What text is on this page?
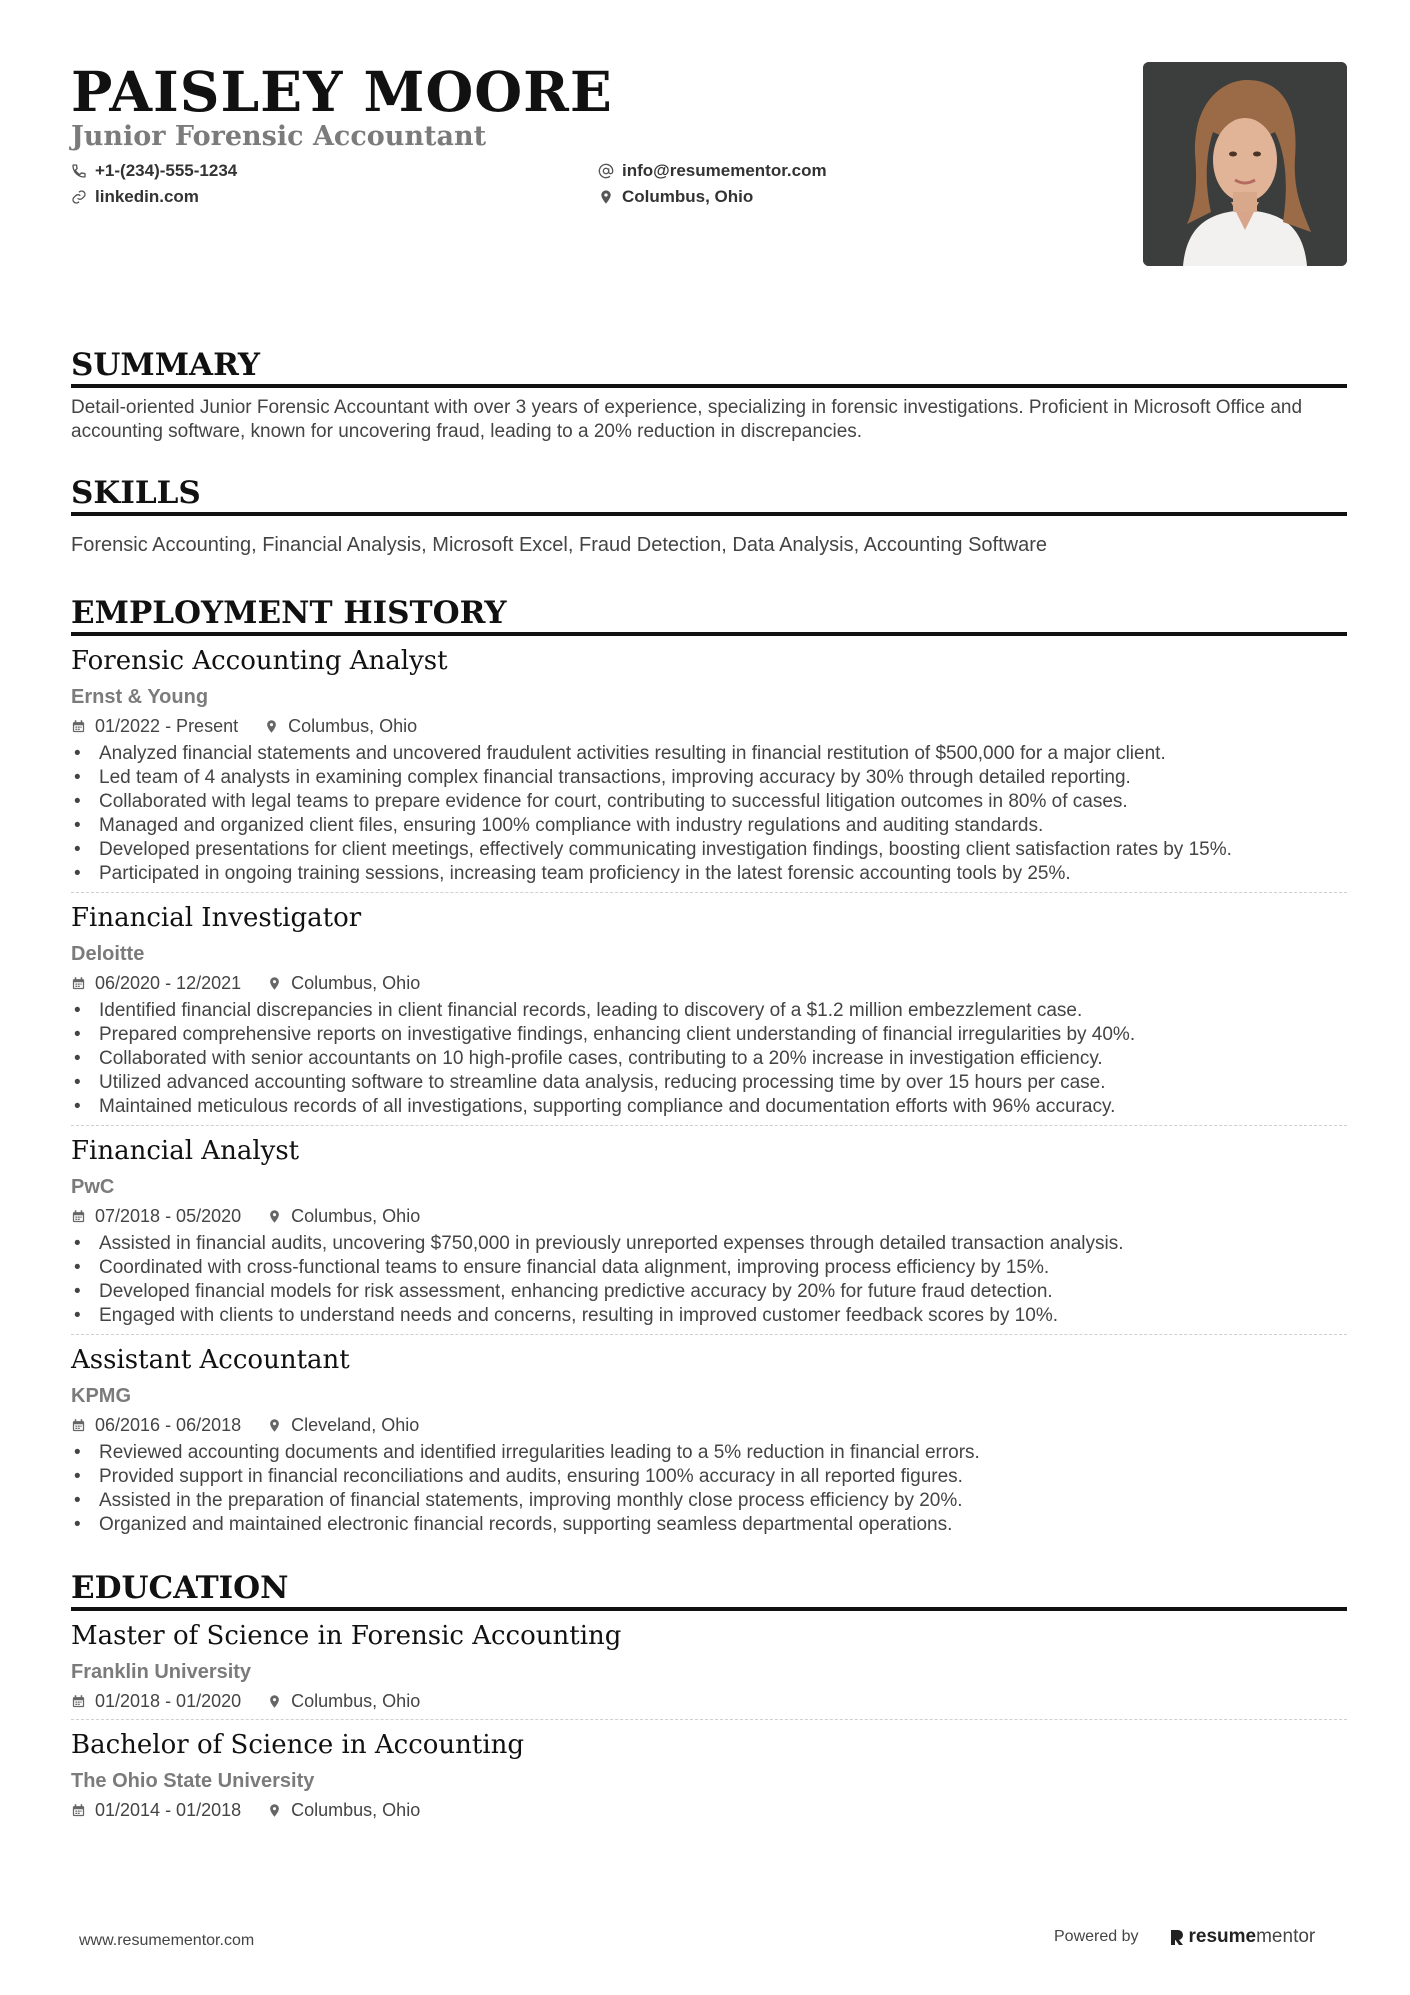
PAISLEY MOORE
Junior Forensic Accountant
+1-(234)-555-1234	info@resumementor.com
linkedin.com	Columbus, Ohio
SUMMARY
Detail-oriented Junior Forensic Accountant with over 3 years of experience, specializing in forensic investigations. Proficient in Microsoft Office and accounting software, known for uncovering fraud, leading to a 20% reduction in discrepancies.
SKILLS
Forensic Accounting, Financial Analysis, Microsoft Excel, Fraud Detection, Data Analysis, Accounting Software
EMPLOYMENT HISTORY
Forensic Accounting Analyst
Ernst & Young
01/2022 - Present	Columbus, Ohio
• Analyzed financial statements and uncovered fraudulent activities resulting in financial restitution of $500,000 for a major client.
• Led team of 4 analysts in examining complex financial transactions, improving accuracy by 30% through detailed reporting.
• Collaborated with legal teams to prepare evidence for court, contributing to successful litigation outcomes in 80% of cases.
• Managed and organized client files, ensuring 100% compliance with industry regulations and auditing standards.
• Developed presentations for client meetings, effectively communicating investigation findings, boosting client satisfaction rates by 15%.
• Participated in ongoing training sessions, increasing team proficiency in the latest forensic accounting tools by 25%.
Financial Investigator
Deloitte
06/2020 - 12/2021	Columbus, Ohio
• Identified financial discrepancies in client financial records, leading to discovery of a $1.2 million embezzlement case.
• Prepared comprehensive reports on investigative findings, enhancing client understanding of financial irregularities by 40%.
• Collaborated with senior accountants on 10 high-profile cases, contributing to a 20% increase in investigation efficiency.
• Utilized advanced accounting software to streamline data analysis, reducing processing time by over 15 hours per case.
• Maintained meticulous records of all investigations, supporting compliance and documentation efforts with 96% accuracy.
Financial Analyst
PwC
07/2018 - 05/2020	Columbus, Ohio
• Assisted in financial audits, uncovering $750,000 in previously unreported expenses through detailed transaction analysis.
• Coordinated with cross-functional teams to ensure financial data alignment, improving process efficiency by 15%.
• Developed financial models for risk assessment, enhancing predictive accuracy by 20% for future fraud detection.
• Engaged with clients to understand needs and concerns, resulting in improved customer feedback scores by 10%.
Assistant Accountant
KPMG
06/2016 - 06/2018	Cleveland, Ohio
• Reviewed accounting documents and identified irregularities leading to a 5% reduction in financial errors.
• Provided support in financial reconciliations and audits, ensuring 100% accuracy in all reported figures.
• Assisted in the preparation of financial statements, improving monthly close process efficiency by 20%.
• Organized and maintained electronic financial records, supporting seamless departmental operations.
EDUCATION
Master of Science in Forensic Accounting
Franklin University
01/2018 - 01/2020	Columbus, Ohio
Bachelor of Science in Accounting
The Ohio State University
01/2014 - 01/2018	Columbus, Ohio
www.resumementor.com	Powered by	resume mentor
